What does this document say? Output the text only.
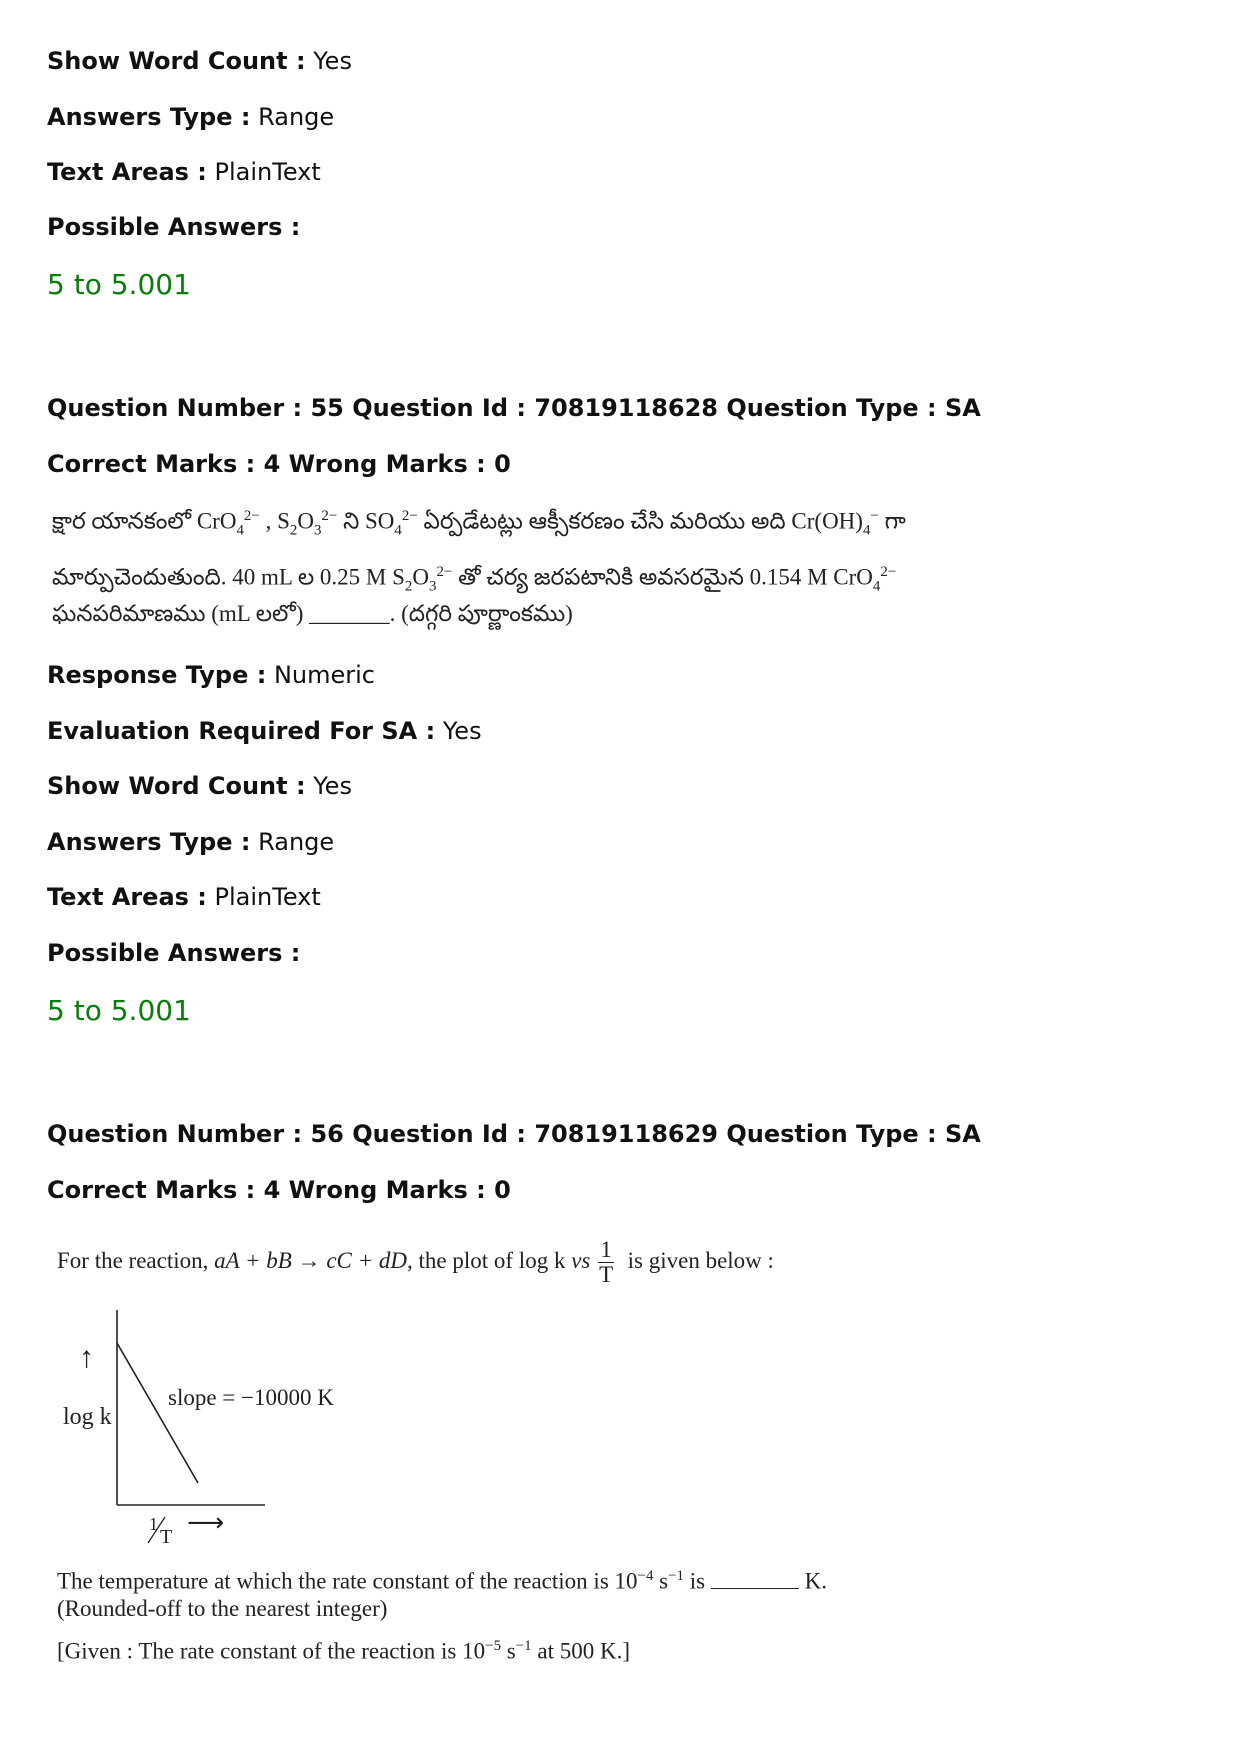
Show Word Count : Yes
Answers Type : Range
Text Areas : PlainText
Possible Answers :
5 to 5.001
Question Number : 55 Question Id : 70819118628 Question Type : SA
Correct Marks : 4 Wrong Marks : 0
క్షార యానకంలో CrO$_4^{2-}$ , $S_2O_3^{2-}$ ని $SO_4^{2-}$ ఏర్పడేటట్లు ఆక్సీకరణం చేసి మరియు అది $Cr(OH)_4^-$ గా
మార్పుచెందుతుంది. 40 mL ల 0.25 M $S_2O_3^{2-}$ తో చర్య జరపటానికి అవసరమైన 0.154 M CrO$_4^{2-}$
ఘనపరిమాణము (mL లలో) _______. (దగ్గరి పూర్ణాంకము)
Response Type : Numeric
Evaluation Required For SA : Yes
Show Word Count : Yes
Answers Type : Range
Text Areas : PlainText
Possible Answers :
5 to 5.001
Question Number : 56 Question Id : 70819118629 Question Type : SA
Correct Marks : 4 Wrong Marks : 0
For the reaction, aA + bB → cC + dD, the plot of log k vs $\frac{1}{T}$ is given below :
↑
log k
slope = −10000 K
1
T ⟶
The temperature at which the rate constant of the reaction is $10^{-4}$ $s^{-1}$ is	K.
(Rounded-off to the nearest integer)
[Given : The rate constant of the reaction is $10^{-5}$ $s^{-1}$ at 500 K.]
